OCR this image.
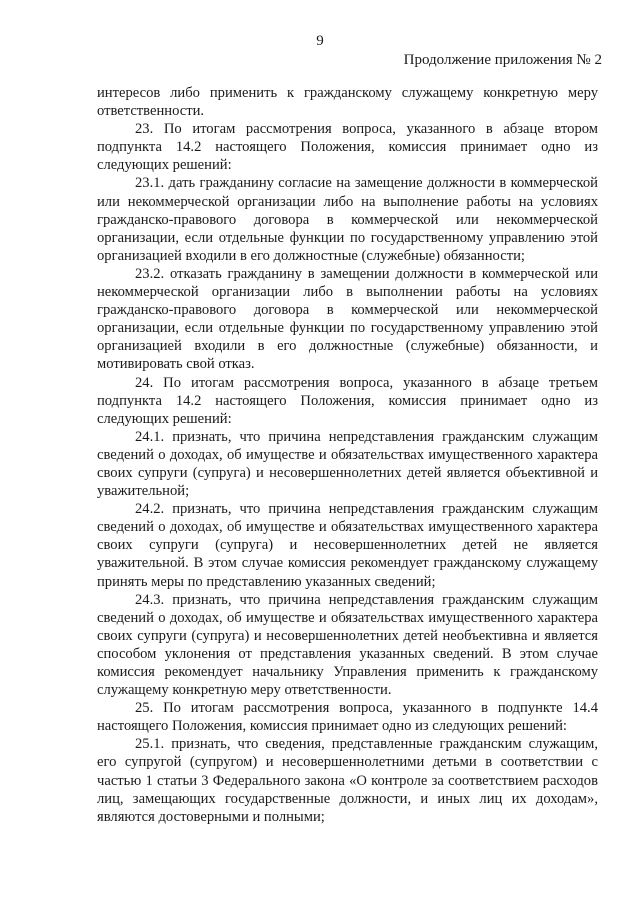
9
Продолжение приложения № 2

интересов либо применить к гражданскому служащему конкретную меру ответственности.

23. По итогам рассмотрения вопроса, указанного в абзаце втором подпункта 14.2 настоящего Положения, комиссия принимает одно из следующих решений:

23.1. дать гражданину согласие на замещение должности в коммерческой или некоммерческой организации либо на выполнение работы на условиях гражданско-правового договора в коммерческой или некоммерческой организации, если отдельные функции по государственному управлению этой организацией входили в его должностные (служебные) обязанности;

23.2. отказать гражданину в замещении должности в коммерческой или некоммерческой организации либо в выполнении работы на условиях гражданско-правового договора в коммерческой или некоммерческой организации, если отдельные функции по государственному управлению этой организацией входили в его должностные (служебные) обязанности, и мотивировать свой отказ.

24. По итогам рассмотрения вопроса, указанного в абзаце третьем подпункта 14.2 настоящего Положения, комиссия принимает одно из следующих решений:

24.1. признать, что причина непредставления гражданским служащим сведений о доходах, об имуществе и обязательствах имущественного характера своих супруги (супруга) и несовершеннолетних детей является объективной и уважительной;

24.2. признать, что причина непредставления гражданским служащим сведений о доходах, об имуществе и обязательствах имущественного характера своих супруги (супруга) и несовершеннолетних детей не является уважительной. В этом случае комиссия рекомендует гражданскому служащему принять меры по представлению указанных сведений;

24.3. признать, что причина непредставления гражданским служащим сведений о доходах, об имуществе и обязательствах имущественного характера своих супруги (супруга) и несовершеннолетних детей необъективна и является способом уклонения от представления указанных сведений. В этом случае комиссия рекомендует начальнику Управления применить к гражданскому служащему конкретную меру ответственности.

25. По итогам рассмотрения вопроса, указанного в подпункте 14.4 настоящего Положения, комиссия принимает одно из следующих решений:

25.1. признать, что сведения, представленные гражданским служащим, его супругой (супругом) и несовершеннолетними детьми в соответствии с частью 1 статьи 3 Федерального закона «О контроле за соответствием расходов лиц, замещающих государственные должности, и иных лиц их доходам», являются достоверными и полными;
